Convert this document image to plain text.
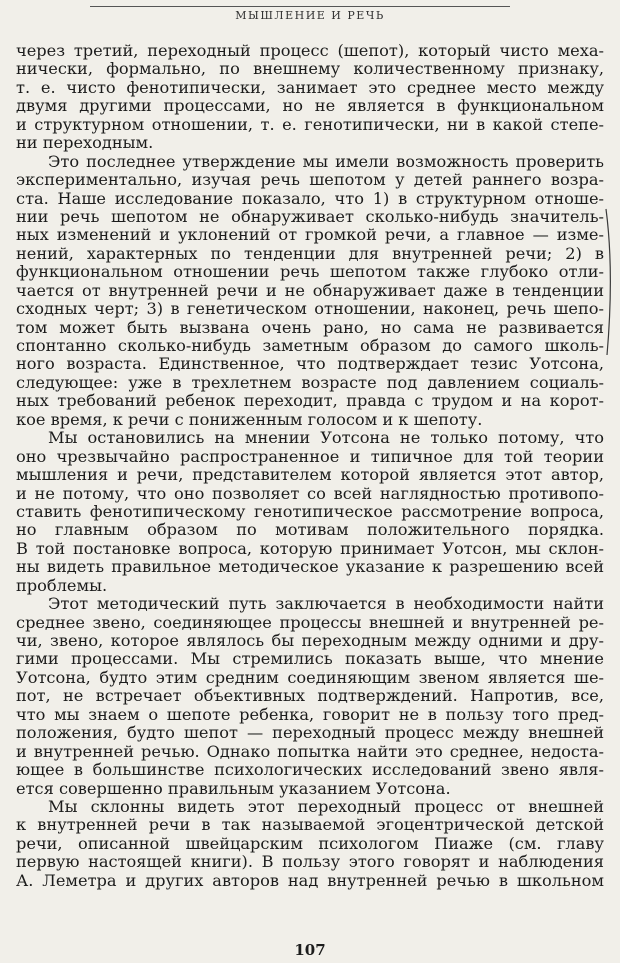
МЫШЛЕНИЕ И РЕЧЬ
через третий, переходный процесс (шепот), который чисто меха-
нически, формально, по внешнему количественному признаку,
т. е. чисто фенотипически, занимает это среднее место между
двумя другими процессами, но не является в функциональном
и структурном отношении, т. е. генотипически, ни в какой степе-
ни переходным.
Это последнее утверждение мы имели возможность проверить
экспериментально, изучая речь шепотом у детей раннего возра-
ста. Наше исследование показало, что 1) в структурном отноше-
нии речь шепотом не обнаруживает сколько-нибудь значитель-
ных изменений и уклонений от громкой речи, а главное — изме-
нений, характерных по тенденции для внутренней речи; 2) в
функциональном отношении речь шепотом также глубоко отли-
чается от внутренней речи и не обнаруживает даже в тенденции
сходных черт; 3) в генетическом отношении, наконец, речь шепо-
том может быть вызвана очень рано, но сама не развивается
спонтанно сколько-нибудь заметным образом до самого школь-
ного возраста. Единственное, что подтверждает тезис Уотсона,
следующее: уже в трехлетнем возрасте под давлением социаль-
ных требований ребенок переходит, правда с трудом и на корот-
кое время, к речи с пониженным голосом и к шепоту.
Мы остановились на мнении Уотсона не только потому, что
оно чрезвычайно распространенное и типичное для той теории
мышления и речи, представителем которой является этот автор,
и не потому, что оно позволяет со всей наглядностью противопо-
ставить фенотипическому генотипическое рассмотрение вопроса,
но главным образом по мотивам положительного порядка.
В той постановке вопроса, которую принимает Уотсон, мы склон-
ны видеть правильное методическое указание к разрешению всей
проблемы.
Этот методический путь заключается в необходимости найти
среднее звено, соединяющее процессы внешней и внутренней ре-
чи, звено, которое являлось бы переходным между одними и дру-
гими процессами. Мы стремились показать выше, что мнение
Уотсона, будто этим средним соединяющим звеном является ше-
пот, не встречает объективных подтверждений. Напротив, все,
что мы знаем о шепоте ребенка, говорит не в пользу того пред-
положения, будто шепот — переходный процесс между внешней
и внутренней речью. Однако попытка найти это среднее, недоста-
ющее в большинстве психологических исследований звено явля-
ется совершенно правильным указанием Уотсона.
Мы склонны видеть этот переходный процесс от внешней
к внутренней речи в так называемой эгоцентрической детской
речи, описанной швейцарским психологом Пиаже (см. главу
первую настоящей книги). В пользу этого говорят и наблюдения
А. Леметра и других авторов над внутренней речью в школьном
107
